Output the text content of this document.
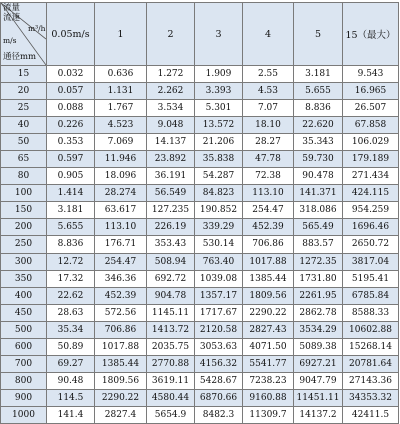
流量
流速
m³/h
m/s
通径mm	0.05m/s	1	2	3	4	5	15（最大）
15	0.032	0.636	1.272	1.909	2.55	3.181	9.543
20	0.057	1.131	2.262	3.393	4.53	5.655	16.965
25	0.088	1.767	3.534	5.301	7.07	8.836	26.507
40	0.226	4.523	9.048	13.572	18.10	22.620	67.858
50	0.353	7.069	14.137	21.206	28.27	35.343	106.029
65	0.597	11.946	23.892	35.838	47.78	59.730	179.189
80	0.905	18.096	36.191	54.287	72.38	90.478	271.434
100	1.414	28.274	56.549	84.823	113.10	141.371	424.115
150	3.181	63.617	127.235	190.852	254.47	318.086	954.259
200	5.655	113.10	226.19	339.29	452.39	565.49	1696.46
250	8.836	176.71	353.43	530.14	706.86	883.57	2650.72
300	12.72	254.47	508.94	763.40	1017.88	1272.35	3817.04
350	17.32	346.36	692.72	1039.08	1385.44	1731.80	5195.41
400	22.62	452.39	904.78	1357.17	1809.56	2261.95	6785.84
450	28.63	572.56	1145.11	1717.67	2290.22	2862.78	8588.33
500	35.34	706.86	1413.72	2120.58	2827.43	3534.29	10602.88
600	50.89	1017.88	2035.75	3053.63	4071.50	5089.38	15268.14
700	69.27	1385.44	2770.88	4156.32	5541.77	6927.21	20781.64
800	90.48	1809.56	3619.11	5428.67	7238.23	9047.79	27143.36
900	114.5	2290.22	4580.44	6870.66	9160.88	11451.11	34353.32
1000	141.4	2827.4	5654.9	8482.3	11309.7	14137.2	42411.5
